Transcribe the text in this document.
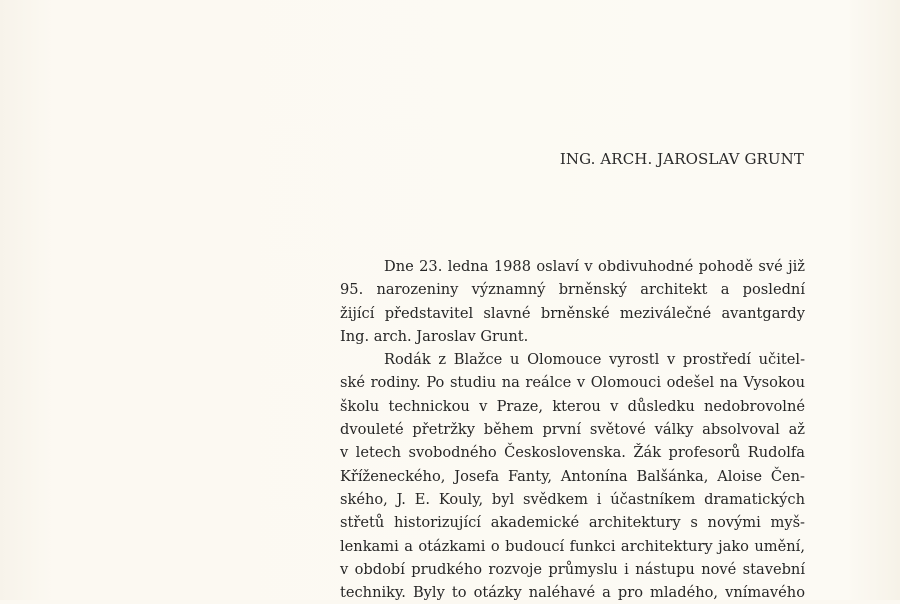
ING. ARCH. JAROSLAV GRUNT
Dne 23. ledna 1988 oslaví v obdivuhodné pohodě své již
95. narozeniny významný brněnský architekt a poslední
žijící představitel slavné brněnské meziválečné avantgardy
Ing. arch. Jaroslav Grunt.
Rodák z Blažce u Olomouce vyrostl v prostředí učitel-
ské rodiny. Po studiu na reálce v Olomouci odešel na Vysokou
školu technickou v Praze, kterou v důsledku nedobrovolné
dvouleté přetržky během první světové války absolvoval až
v letech svobodného Československa. Žák profesorů Rudolfa
Kříženeckého, Josefa Fanty, Antonína Balšánka, Aloise Čen-
ského, J. E. Kouly, byl svědkem i účastníkem dramatických
střetů historizující akademické architektury s novými myš-
lenkami a otázkami o budoucí funkci architektury jako umění,
v období prudkého rozvoje průmyslu i nástupu nové stavební
techniky. Byly to otázky naléhavé a pro mladého, vnímavého
